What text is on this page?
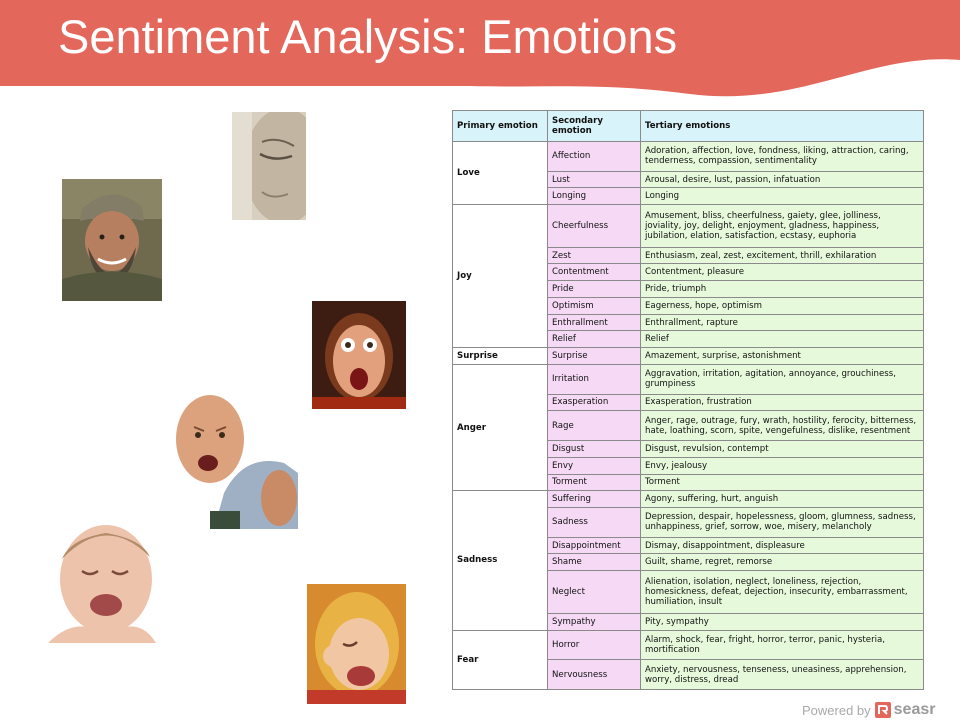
Sentiment Analysis: Emotions
Primary emotion	Secondary emotion	Tertiary emotions
Love	Affection	Adoration, affection, love, fondness, liking, attraction, caring, tenderness, compassion, sentimentality
	Lust	Arousal, desire, lust, passion, infatuation
	Longing	Longing
Joy	Cheerfulness	Amusement, bliss, cheerfulness, gaiety, glee, jolliness, joviality, joy, delight, enjoyment, gladness, happiness, jubilation, elation, satisfaction, ecstasy, euphoria
	Zest	Enthusiasm, zeal, zest, excitement, thrill, exhilaration
	Contentment	Contentment, pleasure
	Pride	Pride, triumph
	Optimism	Eagerness, hope, optimism
	Enthrallment	Enthrallment, rapture
	Relief	Relief
Surprise	Surprise	Amazement, surprise, astonishment
Anger	Irritation	Aggravation, irritation, agitation, annoyance, grouchiness, grumpiness
	Exasperation	Exasperation, frustration
	Rage	Anger, rage, outrage, fury, wrath, hostility, ferocity, bitterness, hate, loathing, scorn, spite, vengefulness, dislike, resentment
	Disgust	Disgust, revulsion, contempt
	Envy	Envy, jealousy
	Torment	Torment
Sadness	Suffering	Agony, suffering, hurt, anguish
	Sadness	Depression, despair, hopelessness, gloom, glumness, sadness, unhappiness, grief, sorrow, woe, misery, melancholy
	Disappointment	Dismay, disappointment, displeasure
	Shame	Guilt, shame, regret, remorse
	Neglect	Alienation, isolation, neglect, loneliness, rejection, homesickness, defeat, dejection, insecurity, embarrassment, humiliation, insult
	Sympathy	Pity, sympathy
Fear	Horror	Alarm, shock, fear, fright, horror, terror, panic, hysteria, mortification
	Nervousness	Anxiety, nervousness, tenseness, uneasiness, apprehension, worry, distress, dread
Powered by seasr
